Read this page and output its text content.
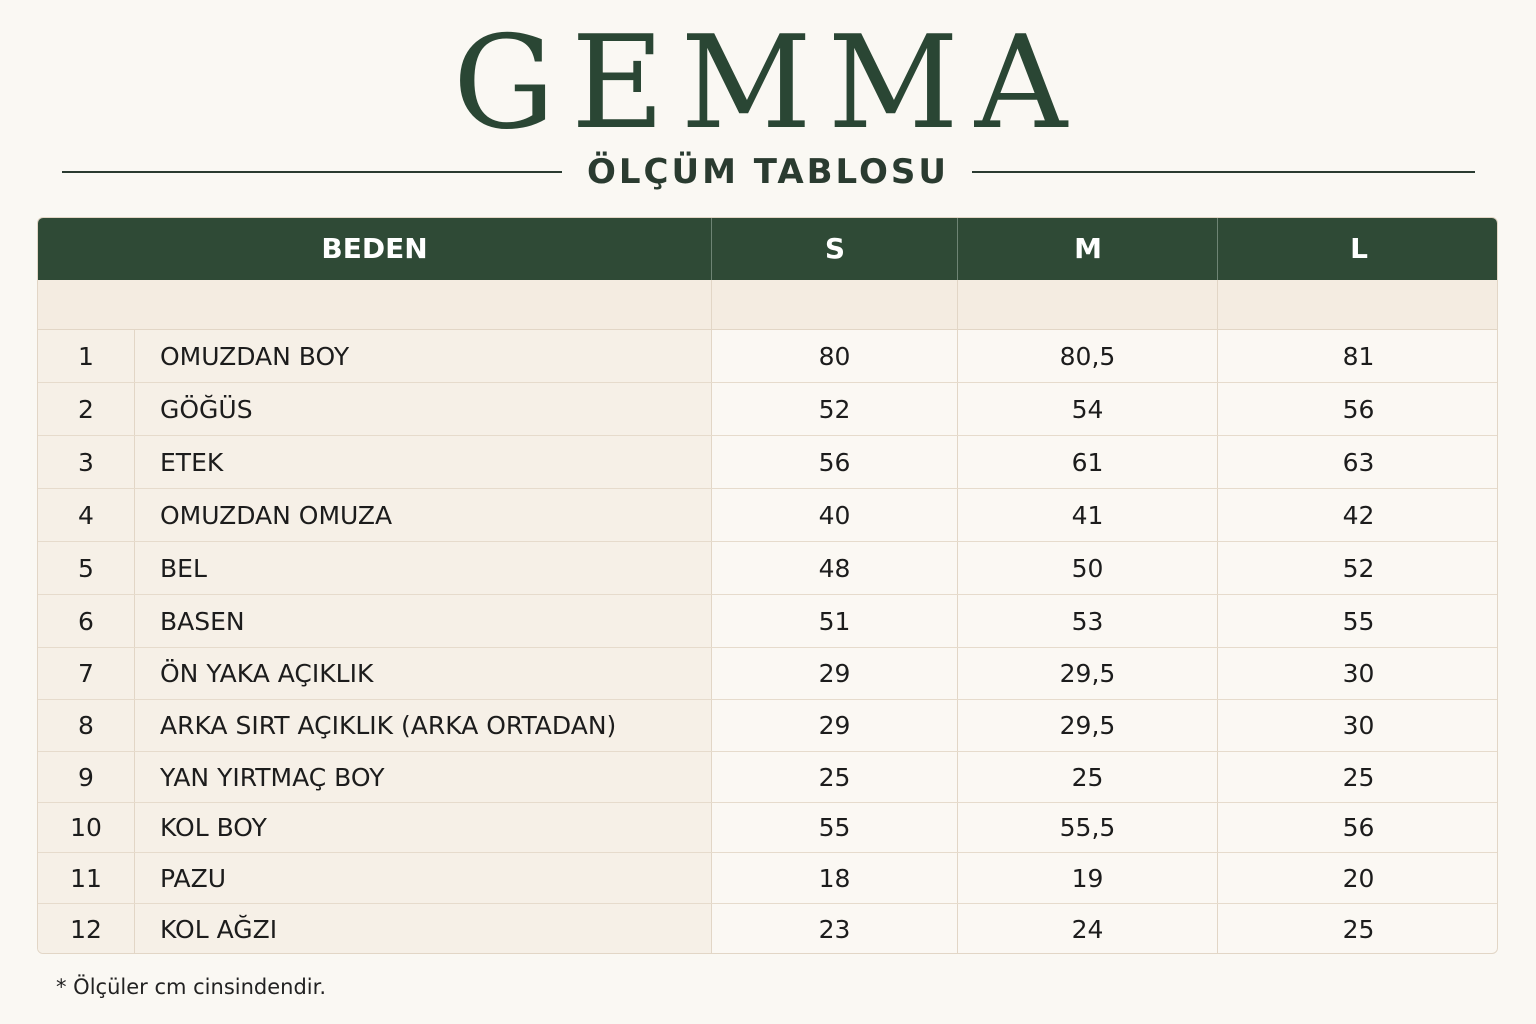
GEMMA
ÖLÇÜM TABLOSU
BEDEN	S	M	L
1	OMUZDAN BOY	80	80,5	81
2	GÖĞÜS	52	54	56
3	ETEK	56	61	63
4	OMUZDAN OMUZA	40	41	42
5	BEL	48	50	52
6	BASEN	51	53	55
7	ÖN YAKA AÇIKLIK	29	29,5	30
8	ARKA SIRT AÇIKLIK (ARKA ORTADAN)	29	29,5	30
9	YAN YIRTMAÇ BOY	25	25	25
10	KOL BOY	55	55,5	56
11	PAZU	18	19	20
12	KOL AĞZI	23	24	25
* Ölçüler cm cinsindendir.
